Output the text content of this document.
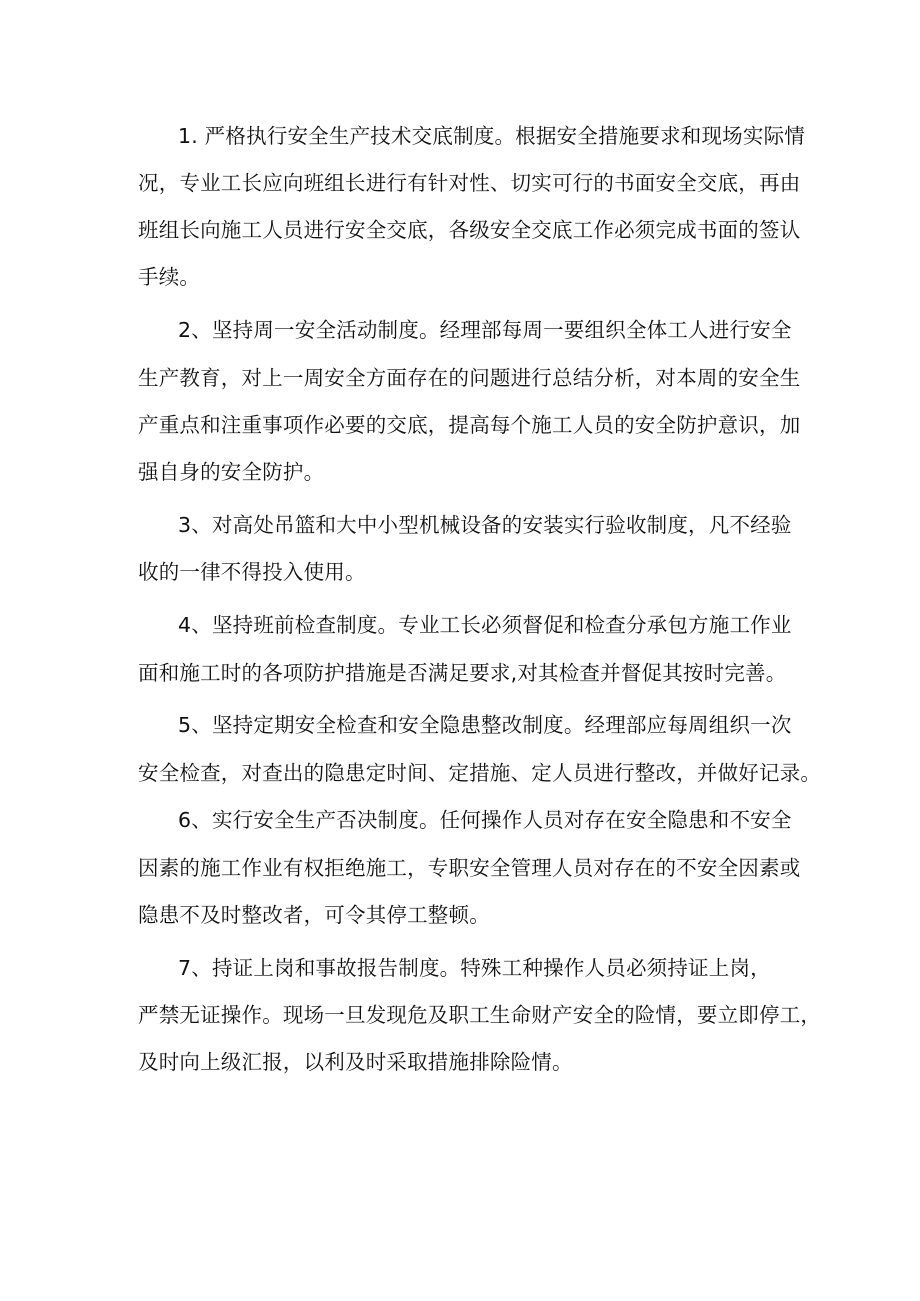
1. 严格执行安全生产技术交底制度。根据安全措施要求和现场实际情
况，专业工长应向班组长进行有针对性、切实可行的书面安全交底，再由
班组长向施工人员进行安全交底，各级安全交底工作必须完成书面的签认
手续。
2、坚持周一安全活动制度。经理部每周一要组织全体工人进行安全
生产教育，对上一周安全方面存在的问题进行总结分析，对本周的安全生
产重点和注重事项作必要的交底，提高每个施工人员的安全防护意识，加
强自身的安全防护。
3、对高处吊篮和大中小型机械设备的安装实行验收制度，凡不经验
收的一律不得投入使用。
4、坚持班前检查制度。专业工长必须督促和检查分承包方施工作业
面和施工时的各项防护措施是否满足要求,对其检查并督促其按时完善。
5、坚持定期安全检查和安全隐患整改制度。经理部应每周组织一次
安全检查，对查出的隐患定时间、定措施、定人员进行整改，并做好记录。
6、实行安全生产否决制度。任何操作人员对存在安全隐患和不安全
因素的施工作业有权拒绝施工，专职安全管理人员对存在的不安全因素或
隐患不及时整改者，可令其停工整顿。
7、持证上岗和事故报告制度。特殊工种操作人员必须持证上岗，
严禁无证操作。现场一旦发现危及职工生命财产安全的险情，要立即停工，
及时向上级汇报，以利及时采取措施排除险情。
